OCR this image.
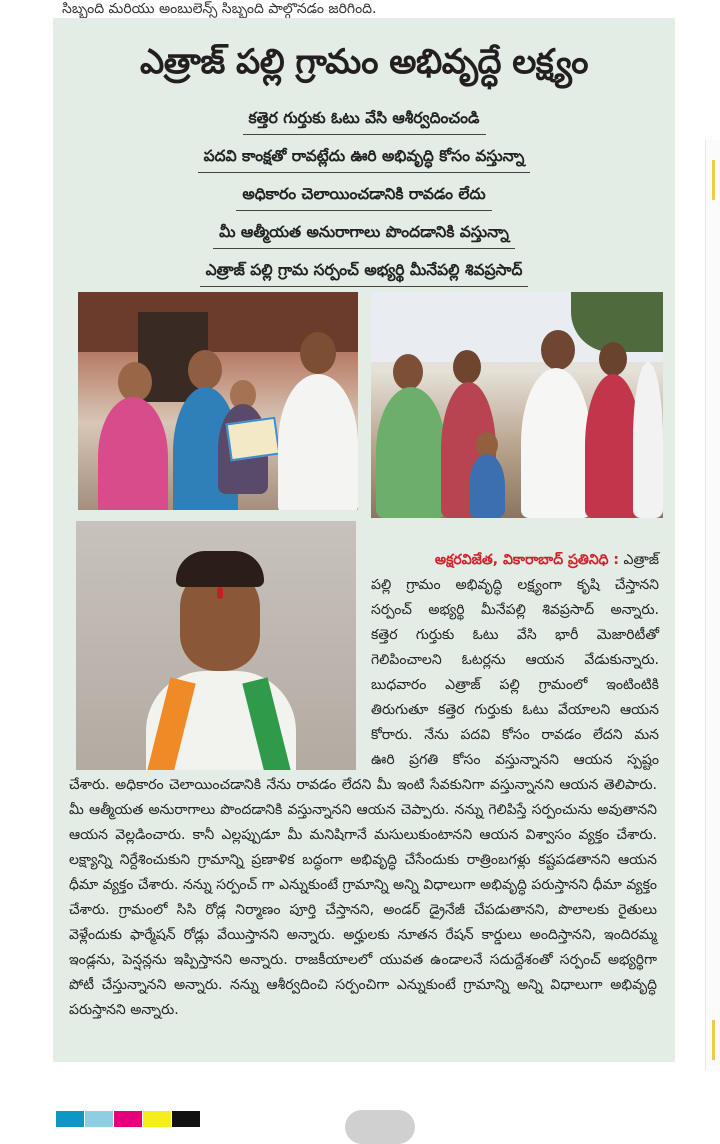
సిబ్బంది మరియు అంబులెన్స్ సిబ్బంది పాల్గొనడం జరిగింది.
ఎత్రాజ్ పల్లి గ్రామం అభివృద్ధే లక్ష్యం
కత్తెర గుర్తుకు ఓటు వేసి ఆశీర్వదించండి
పదవి కాంక్షతో రావట్లేదు ఊరి అభివృద్ధి కోసం వస్తున్నా
అధికారం చెలాయించడానికి రావడం లేదు
మీ ఆత్మీయత అనురాగాలు పొందడానికి వస్తున్నా
ఎత్రాజ్ పల్లి గ్రామ సర్పంచ్ అభ్యర్థి మీనేపల్లి శివప్రసాద్
అక్షరవిజేత, వికారాబాద్ ప్రతినిధి : ఎత్రాజ్
పల్లి గ్రామం అభివృద్ధి లక్ష్యంగా కృషి చేస్తానని
సర్పంచ్ అభ్యర్థి మీనేపల్లి శివప్రసాద్ అన్నారు.
కత్తెర గుర్తుకు ఓటు వేసి భారీ మెజారిటీతో
గెలిపించాలని ఓటర్లను ఆయన వేడుకున్నారు.
బుధవారం ఎత్రాజ్ పల్లి గ్రామంలో ఇంటింటికి
తిరుగుతూ కత్తెర గుర్తుకు ఓటు వేయాలని ఆయన
కోరారు. నేను పదవి కోసం రావడం లేదని మన
ఊరి ప్రగతి కోసం వస్తున్నానని ఆయన స్పష్టం
చేశారు. అధికారం చెలాయించడానికి నేను రావడం లేదని మీ ఇంటి సేవకునిగా వస్తున్నానని ఆయన తెలిపారు. మీ ఆత్మీయత అనురాగాలు పొందడానికి వస్తున్నానని ఆయన చెప్పారు. నన్ను గెలిపిస్తే సర్పంచును అవుతానని ఆయన వెల్లడించారు. కానీ ఎల్లప్పుడూ మీ మనిషిగానే మసులుకుంటానని ఆయన విశ్వాసం వ్యక్తం చేశారు. లక్ష్యాన్ని నిర్దేశించుకుని గ్రామాన్ని ప్రణాళిక బద్ధంగా అభివృద్ధి చేసేందుకు రాత్రింబగళ్లు కష్టపడతానని ఆయన ధీమా వ్యక్తం చేశారు. నన్ను సర్పంచ్ గా ఎన్నుకుంటే గ్రామాన్ని అన్ని విధాలుగా అభివృద్ధి పరుస్తానని ధీమా వ్యక్తం చేశారు. గ్రామంలో సిసి రోడ్ల నిర్మాణం పూర్తి చేస్తానని, అండర్ డ్రైనేజీ చేపడుతానని, పొలాలకు రైతులు వెళ్లేందుకు ఫార్మేషన్ రోడ్లు వేయిస్తానని అన్నారు. అర్హులకు నూతన రేషన్ కార్డులు అందిస్తానని, ఇందిరమ్మ ఇండ్లను, పెన్షన్లను ఇప్పిస్తానని అన్నారు. రాజకీయాలలో యువత ఉండాలనే సదుద్దేశంతో సర్పంచ్ అభ్యర్థిగా పోటీ చేస్తున్నానని అన్నారు. నన్ను ఆశీర్వదించి సర్పంచిగా ఎన్నుకుంటే గ్రామాన్ని అన్ని విధాలుగా అభివృద్ధి పరుస్తానని అన్నారు.
